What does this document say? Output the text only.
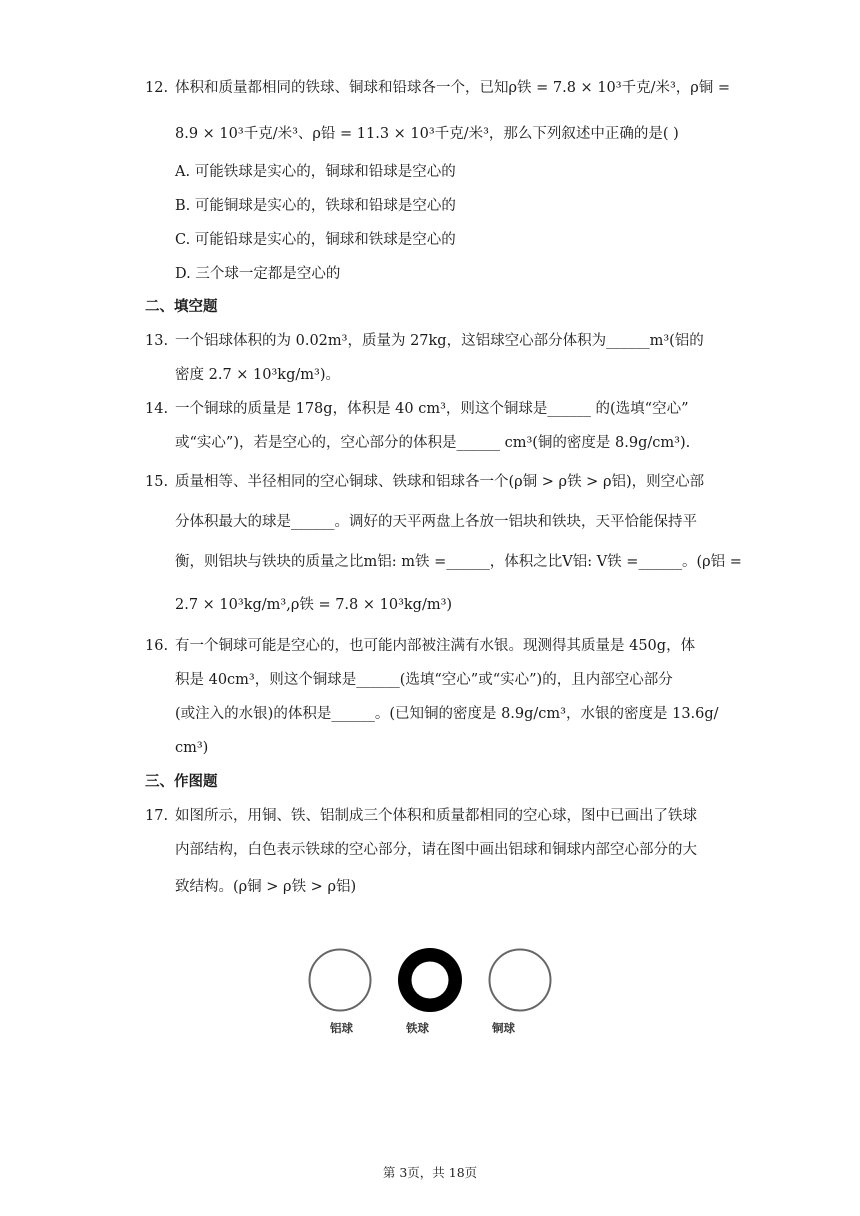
12. 体积和质量都相同的铁球、铜球和铅球各一个，已知ρ铁 = 7.8 × 10³千克/米³，ρ铜 =
8.9 × 10³千克/米³、ρ铅 = 11.3 × 10³千克/米³，那么下列叙述中正确的是( )
A. 可能铁球是实心的，铜球和铅球是空心的
B. 可能铜球是实心的，铁球和铅球是空心的
C. 可能铅球是实心的，铜球和铁球是空心的
D. 三个球一定都是空心的
二、填空题
13. 一个铝球体积的为 0.02m³，质量为 27kg，这铝球空心部分体积为______m³(铝的
密度 2.7 × 10³kg/m³)。
14. 一个铜球的质量是 178g，体积是 40 cm³，则这个铜球是______ 的(选填“空心”
或“实心”)，若是空心的，空心部分的体积是______ cm³(铜的密度是 8.9g/cm³).
15. 质量相等、半径相同的空心铜球、铁球和铝球各一个(ρ铜 > ρ铁 > ρ铝)，则空心部
分体积最大的球是______。调好的天平两盘上各放一铝块和铁块，天平恰能保持平
衡，则铝块与铁块的质量之比m铝: m铁 =______，体积之比V铝: V铁 =______。(ρ铝 =
2.7 × 10³kg/m³,ρ铁 = 7.8 × 10³kg/m³)
16. 有一个铜球可能是空心的，也可能内部被注满有水银。现测得其质量是 450g，体
积是 40cm³，则这个铜球是______(选填“空心”或“实心”)的，且内部空心部分
(或注入的水银)的体积是______。(已知铜的密度是 8.9g/cm³，水银的密度是 13.6g/
cm³)
三、作图题
17. 如图所示，用铜、铁、铝制成三个体积和质量都相同的空心球，图中已画出了铁球
内部结构，白色表示铁球的空心部分，请在图中画出铝球和铜球内部空心部分的大
致结构。(ρ铜 > ρ铁 > ρ铝)
铝球	铁球	铜球
第 3页，共 18页
